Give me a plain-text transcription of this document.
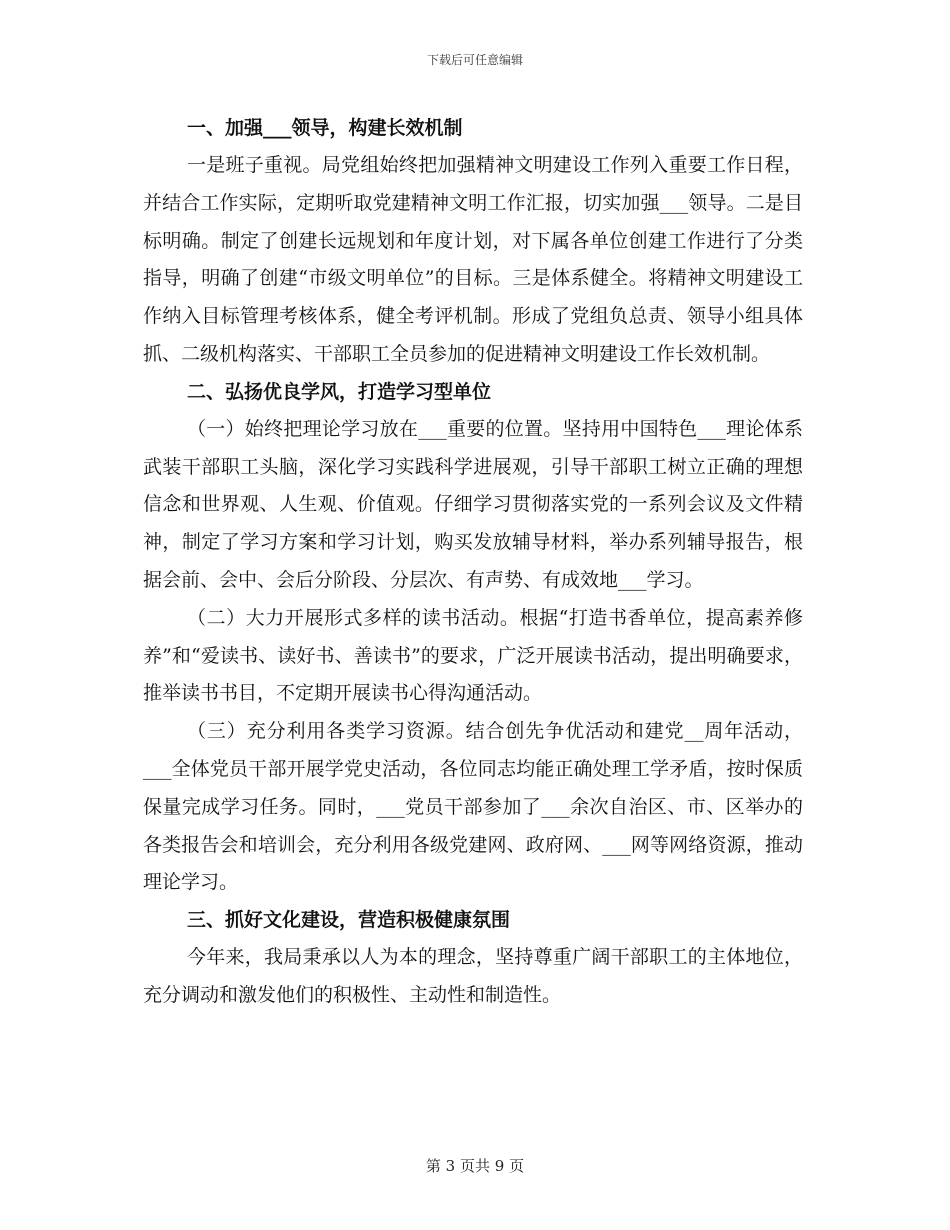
下载后可任意编辑
一、加强___领导，构建长效机制

一是班子重视。局党组始终把加强精神文明建设工作列入重要工作日程，并结合工作实际，定期听取党建精神文明工作汇报，切实加强___领导。二是目标明确。制定了创建长远规划和年度计划，对下属各单位创建工作进行了分类指导，明确了创建“市级文明单位”的目标。三是体系健全。将精神文明建设工作纳入目标管理考核体系，健全考评机制。形成了党组负总责、领导小组具体抓、二级机构落实、干部职工全员参加的促进精神文明建设工作长效机制。

二、弘扬优良学风，打造学习型单位

（一）始终把理论学习放在___重要的位置。坚持用中国特色___理论体系武装干部职工头脑，深化学习实践科学进展观，引导干部职工树立正确的理想信念和世界观、人生观、价值观。仔细学习贯彻落实党的一系列会议及文件精神，制定了学习方案和学习计划，购买发放辅导材料，举办系列辅导报告，根据会前、会中、会后分阶段、分层次、有声势、有成效地___学习。

（二）大力开展形式多样的读书活动。根据“打造书香单位，提高素养修养”和“爱读书、读好书、善读书”的要求，广泛开展读书活动，提出明确要求，推举读书书目，不定期开展读书心得沟通活动。

（三）充分利用各类学习资源。结合创先争优活动和建党__周年活动，___全体党员干部开展学党史活动，各位同志均能正确处理工学矛盾，按时保质保量完成学习任务。同时，___党员干部参加了___余次自治区、市、区举办的各类报告会和培训会，充分利用各级党建网、政府网、___网等网络资源，推动理论学习。

三、抓好文化建设，营造积极健康氛围

今年来，我局秉承以人为本的理念，坚持尊重广阔干部职工的主体地位，充分调动和激发他们的积极性、主动性和制造性。

第 3 页共 9 页
